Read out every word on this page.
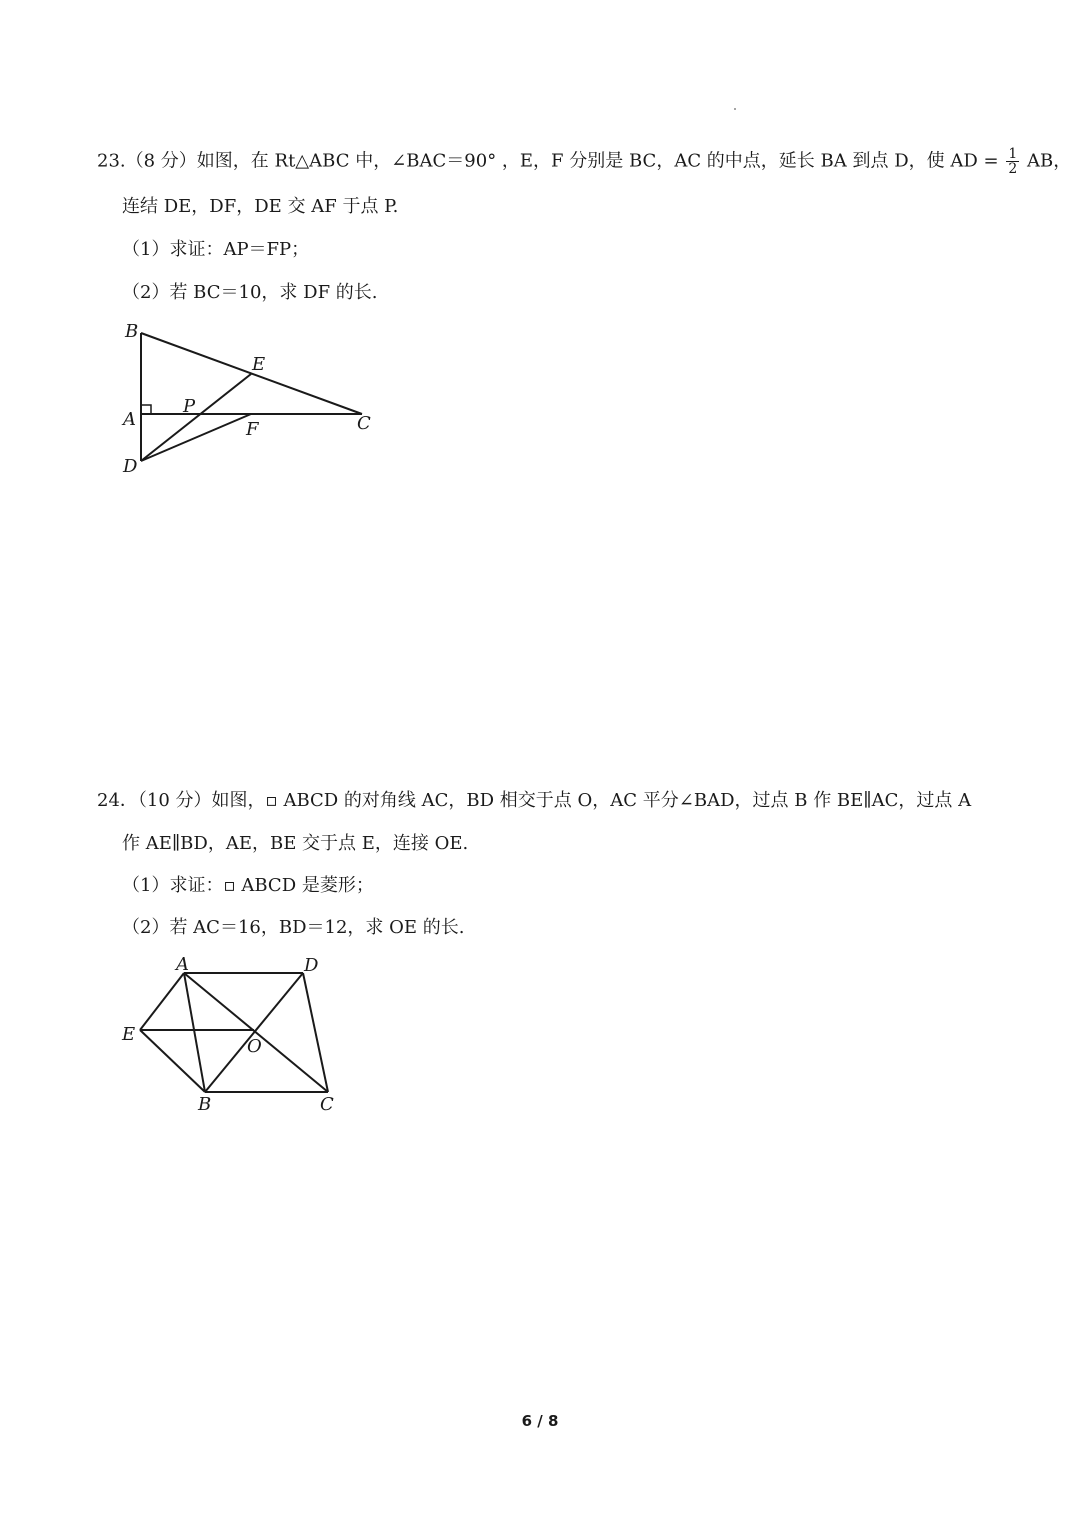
23.（8 分）如图，在 Rt△ABC 中，∠BAC＝90° ，E，F 分别是 BC，AC 的中点，延长 BA 到点 D，使 AD = $\frac{1}{2}$ AB，
连结 DE，DF，DE 交 AF 于点 P.
（1）求证：AP＝FP；
（2）若 BC＝10，求 DF 的长.
B
E
P
A	C
F
D
24．（10 分）如图，▫ ABCD 的对角线 AC，BD 相交于点 O，AC 平分∠BAD，过点 B 作 BE∥AC，过点 A
作 AE∥BD，AE，BE 交于点 E，连接 OE.
（1）求证：▫ ABCD 是菱形；
（2）若 AC＝16，BD＝12，求 OE 的长.
A	D
E
O
B	C
6 / 8
